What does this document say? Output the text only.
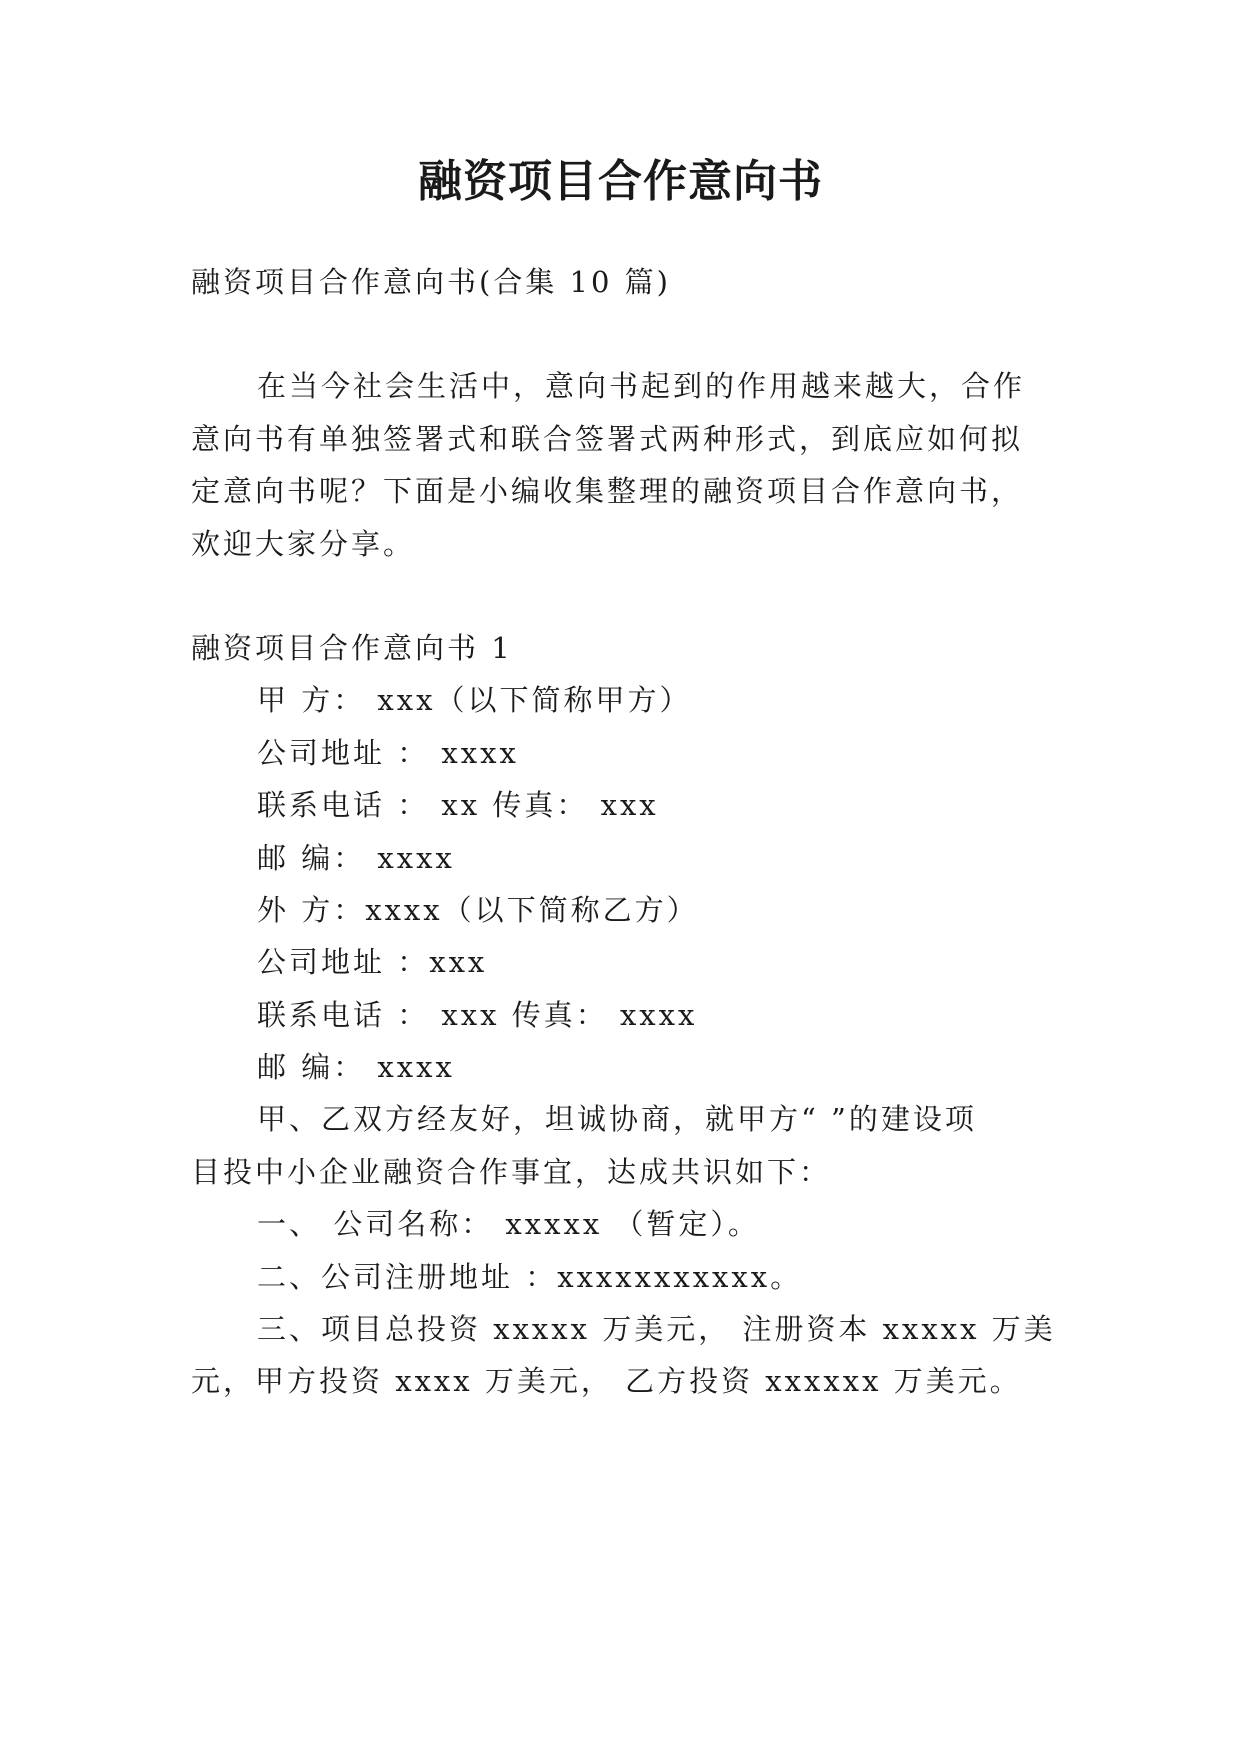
融资项目合作意向书
融资项目合作意向书(合集 10 篇)
在当今社会生活中，意向书起到的作用越来越大，合作
意向书有单独签署式和联合签署式两种形式，到底应如何拟
定意向书呢？下面是小编收集整理的融资项目合作意向书，
欢迎大家分享。
融资项目合作意向书 1
甲 方： xxx（以下简称甲方）
公司地址 ： xxxx
联系电话 ： xx 传真： xxx
邮 编： xxxx
外 方：xxxx（以下简称乙方）
公司地址 ：xxx
联系电话 ： xxx 传真： xxxx
邮 编： xxxx
甲、乙双方经友好，坦诚协商，就甲方“ ”的建设项
目投中小企业融资合作事宜，达成共识如下：
一、 公司名称： xxxxx （暂定）。
二、公司注册地址 ：xxxxxxxxxxx。
三、项目总投资 xxxxx 万美元， 注册资本 xxxxx 万美
元，甲方投资 xxxx 万美元， 乙方投资 xxxxxx 万美元。
